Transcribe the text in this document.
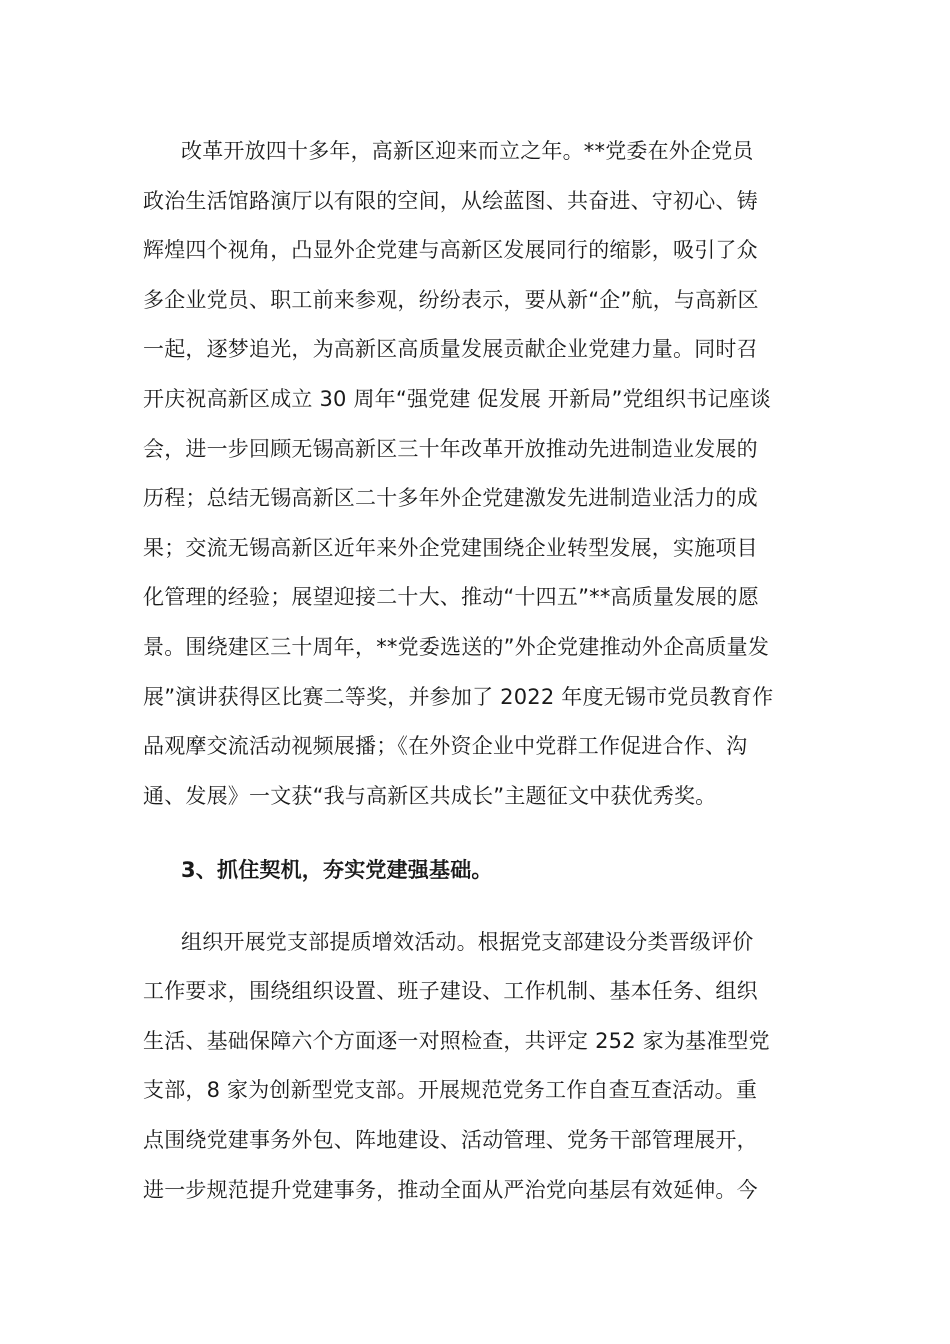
改革开放四十多年，高新区迎来而立之年。**党委在外企党员
政治生活馆路演厅以有限的空间，从绘蓝图、共奋进、守初心、铸
辉煌四个视角，凸显外企党建与高新区发展同行的缩影，吸引了众
多企业党员、职工前来参观，纷纷表示，要从新“企”航，与高新区
一起，逐梦追光，为高新区高质量发展贡献企业党建力量。同时召
开庆祝高新区成立 30 周年“强党建 促发展 开新局”党组织书记座谈
会，进一步回顾无锡高新区三十年改革开放推动先进制造业发展的
历程；总结无锡高新区二十多年外企党建激发先进制造业活力的成
果；交流无锡高新区近年来外企党建围绕企业转型发展，实施项目
化管理的经验；展望迎接二十大、推动“十四五”**高质量发展的愿
景。围绕建区三十周年，**党委选送的”外企党建推动外企高质量发
展”演讲获得区比赛二等奖，并参加了 2022 年度无锡市党员教育作
品观摩交流活动视频展播；《在外资企业中党群工作促进合作、沟
通、发展》一文获“我与高新区共成长”主题征文中获优秀奖。
3、抓住契机，夯实党建强基础。
组织开展党支部提质增效活动。根据党支部建设分类晋级评价
工作要求，围绕组织设置、班子建设、工作机制、基本任务、组织
生活、基础保障六个方面逐一对照检查，共评定 252 家为基准型党
支部，8 家为创新型党支部。开展规范党务工作自查互查活动。重
点围绕党建事务外包、阵地建设、活动管理、党务干部管理展开，
进一步规范提升党建事务，推动全面从严治党向基层有效延伸。今
